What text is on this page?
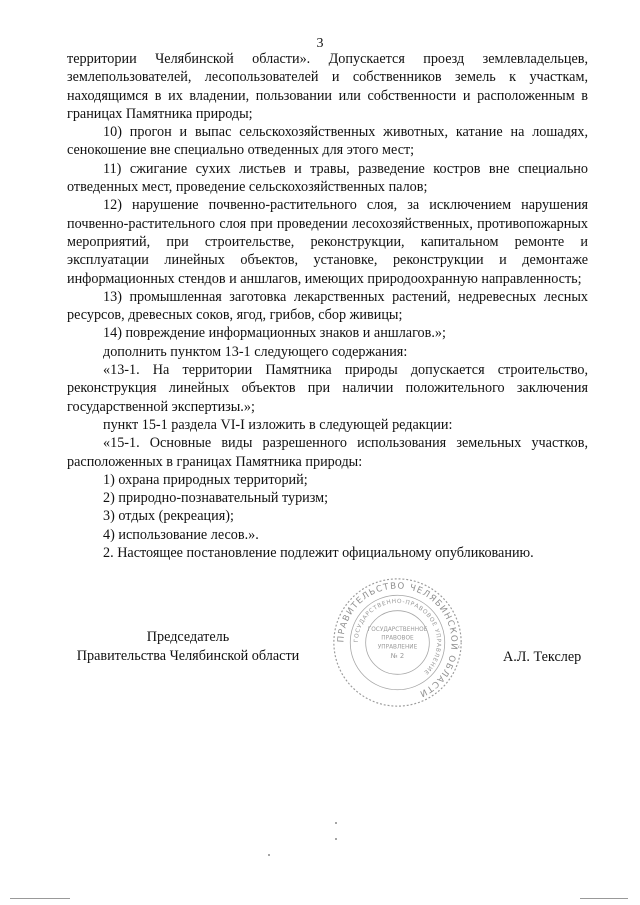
3

территории Челябинской области». Допускается проезд землевладельцев, землепользователей, лесопользователей и собственников земель к участкам, находящимся в их владении, пользовании или собственности и расположенным в границах Памятника природы;

10) прогон и выпас сельскохозяйственных животных, катание на лошадях, сенокошение вне специально отведенных для этого мест;

11) сжигание сухих листьев и травы, разведение костров вне специально отведенных мест, проведение сельскохозяйственных палов;

12) нарушение почвенно-растительного слоя, за исключением нарушения почвенно-растительного слоя при проведении лесохозяйственных, противопожарных мероприятий, при строительстве, реконструкции, капитальном ремонте и эксплуатации линейных объектов, установке, реконструкции и демонтаже информационных стендов и аншлагов, имеющих природоохранную направленность;

13) промышленная заготовка лекарственных растений, недревесных лесных ресурсов, древесных соков, ягод, грибов, сбор живицы;

14) повреждение информационных знаков и аншлагов.»;

дополнить пунктом 13-1 следующего содержания:

«13-1. На территории Памятника природы допускается строительство, реконструкция линейных объектов при наличии положительного заключения государственной экспертизы.»;

пункт 15-1 раздела VI-I изложить в следующей редакции:

«15-1. Основные виды разрешенного использования земельных участков, расположенных в границах Памятника природы:

1) охрана природных территорий;

2) природно-познавательный туризм;

3) отдых (рекреация);

4) использование лесов.».

2. Настоящее постановление подлежит официальному опубликованию.

Председатель
Правительства Челябинской области
ПРАВИТЕЛЬСТВО ЧЕЛЯБИНСКОЙ ОБЛАСТИ
ГОСУДАРСТВЕННО-ПРАВОВОЕ УПРАВЛЕНИЕ
ГОСУДАРСТВЕННОЕ
ПРАВОВОЕ
УПРАВЛЕНИЕ
№ 2	А.Л. Текслер
